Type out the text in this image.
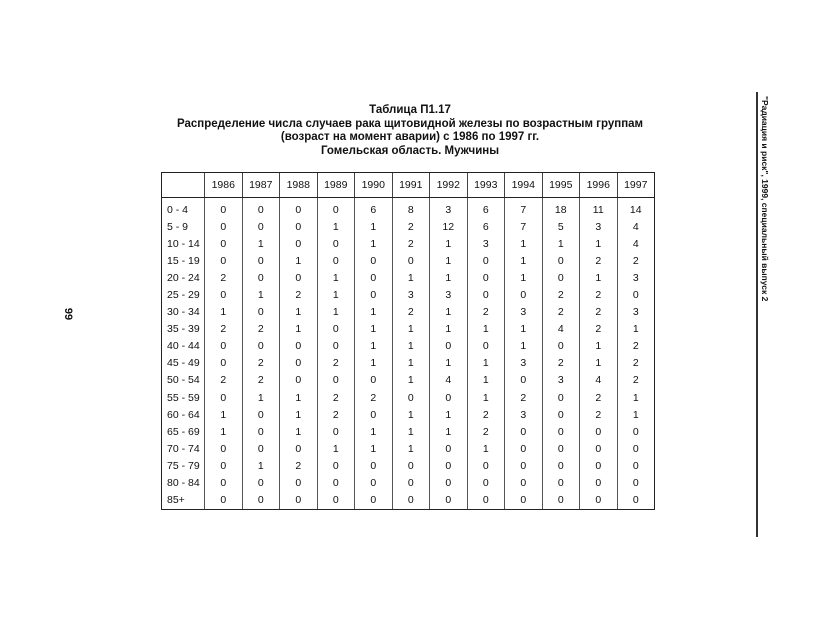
Таблица П1.17
Распределение числа случаев рака щитовидной железы по возрастным группам
(возраст на момент аварии) с 1986 по 1997 гг.
Гомельская область. Мужчины
	1986	1987	1988	1989	1990	1991	1992	1993	1994	1995	1996	1997
0 - 4	0	0	0	0	6	8	3	6	7	18	11	14
5 - 9	0	0	0	1	1	2	12	6	7	5	3	4
10 - 14	0	1	0	0	1	2	1	3	1	1	1	4
15 - 19	0	0	1	0	0	0	1	0	1	0	2	2
20 - 24	2	0	0	1	0	1	1	0	1	0	1	3
25 - 29	0	1	2	1	0	3	3	0	0	2	2	0
30 - 34	1	0	1	1	1	2	1	2	3	2	2	3
35 - 39	2	2	1	0	1	1	1	1	1	4	2	1
40 - 44	0	0	0	0	1	1	0	0	1	0	1	2
45 - 49	0	2	0	2	1	1	1	1	3	2	1	2
50 - 54	2	2	0	0	0	1	4	1	0	3	4	2
55 - 59	0	1	1	2	2	0	0	1	2	0	2	1
60 - 64	1	0	1	2	0	1	1	2	3	0	2	1
65 - 69	1	0	1	0	1	1	1	2	0	0	0	0
70 - 74	0	0	0	1	1	1	0	1	0	0	0	0
75 - 79	0	1	2	0	0	0	0	0	0	0	0	0
80 - 84	0	0	0	0	0	0	0	0	0	0	0	0
85+	0	0	0	0	0	0	0	0	0	0	0	0
99
"Радиация и риск", 1999, специальный выпуск 2
